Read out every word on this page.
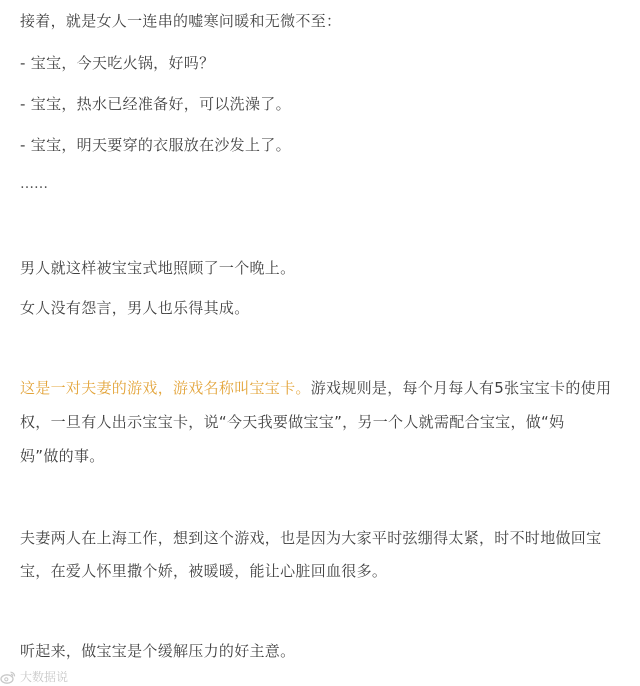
接着，就是女人一连串的嘘寒问暖和无微不至：
- 宝宝，今天吃火锅，好吗？
- 宝宝，热水已经准备好，可以洗澡了。
- 宝宝，明天要穿的衣服放在沙发上了。
……
男人就这样被宝宝式地照顾了一个晚上。
女人没有怨言，男人也乐得其成。
这是一对夫妻的游戏，游戏名称叫宝宝卡。游戏规则是，每个月每人有5张宝宝卡的使用
权，一旦有人出示宝宝卡，说“今天我要做宝宝”，另一个人就需配合宝宝，做“妈
妈”做的事。
夫妻两人在上海工作，想到这个游戏，也是因为大家平时弦绷得太紧，时不时地做回宝
宝，在爱人怀里撒个娇，被暖暖，能让心脏回血很多。
听起来，做宝宝是个缓解压力的好主意。
大数据说
